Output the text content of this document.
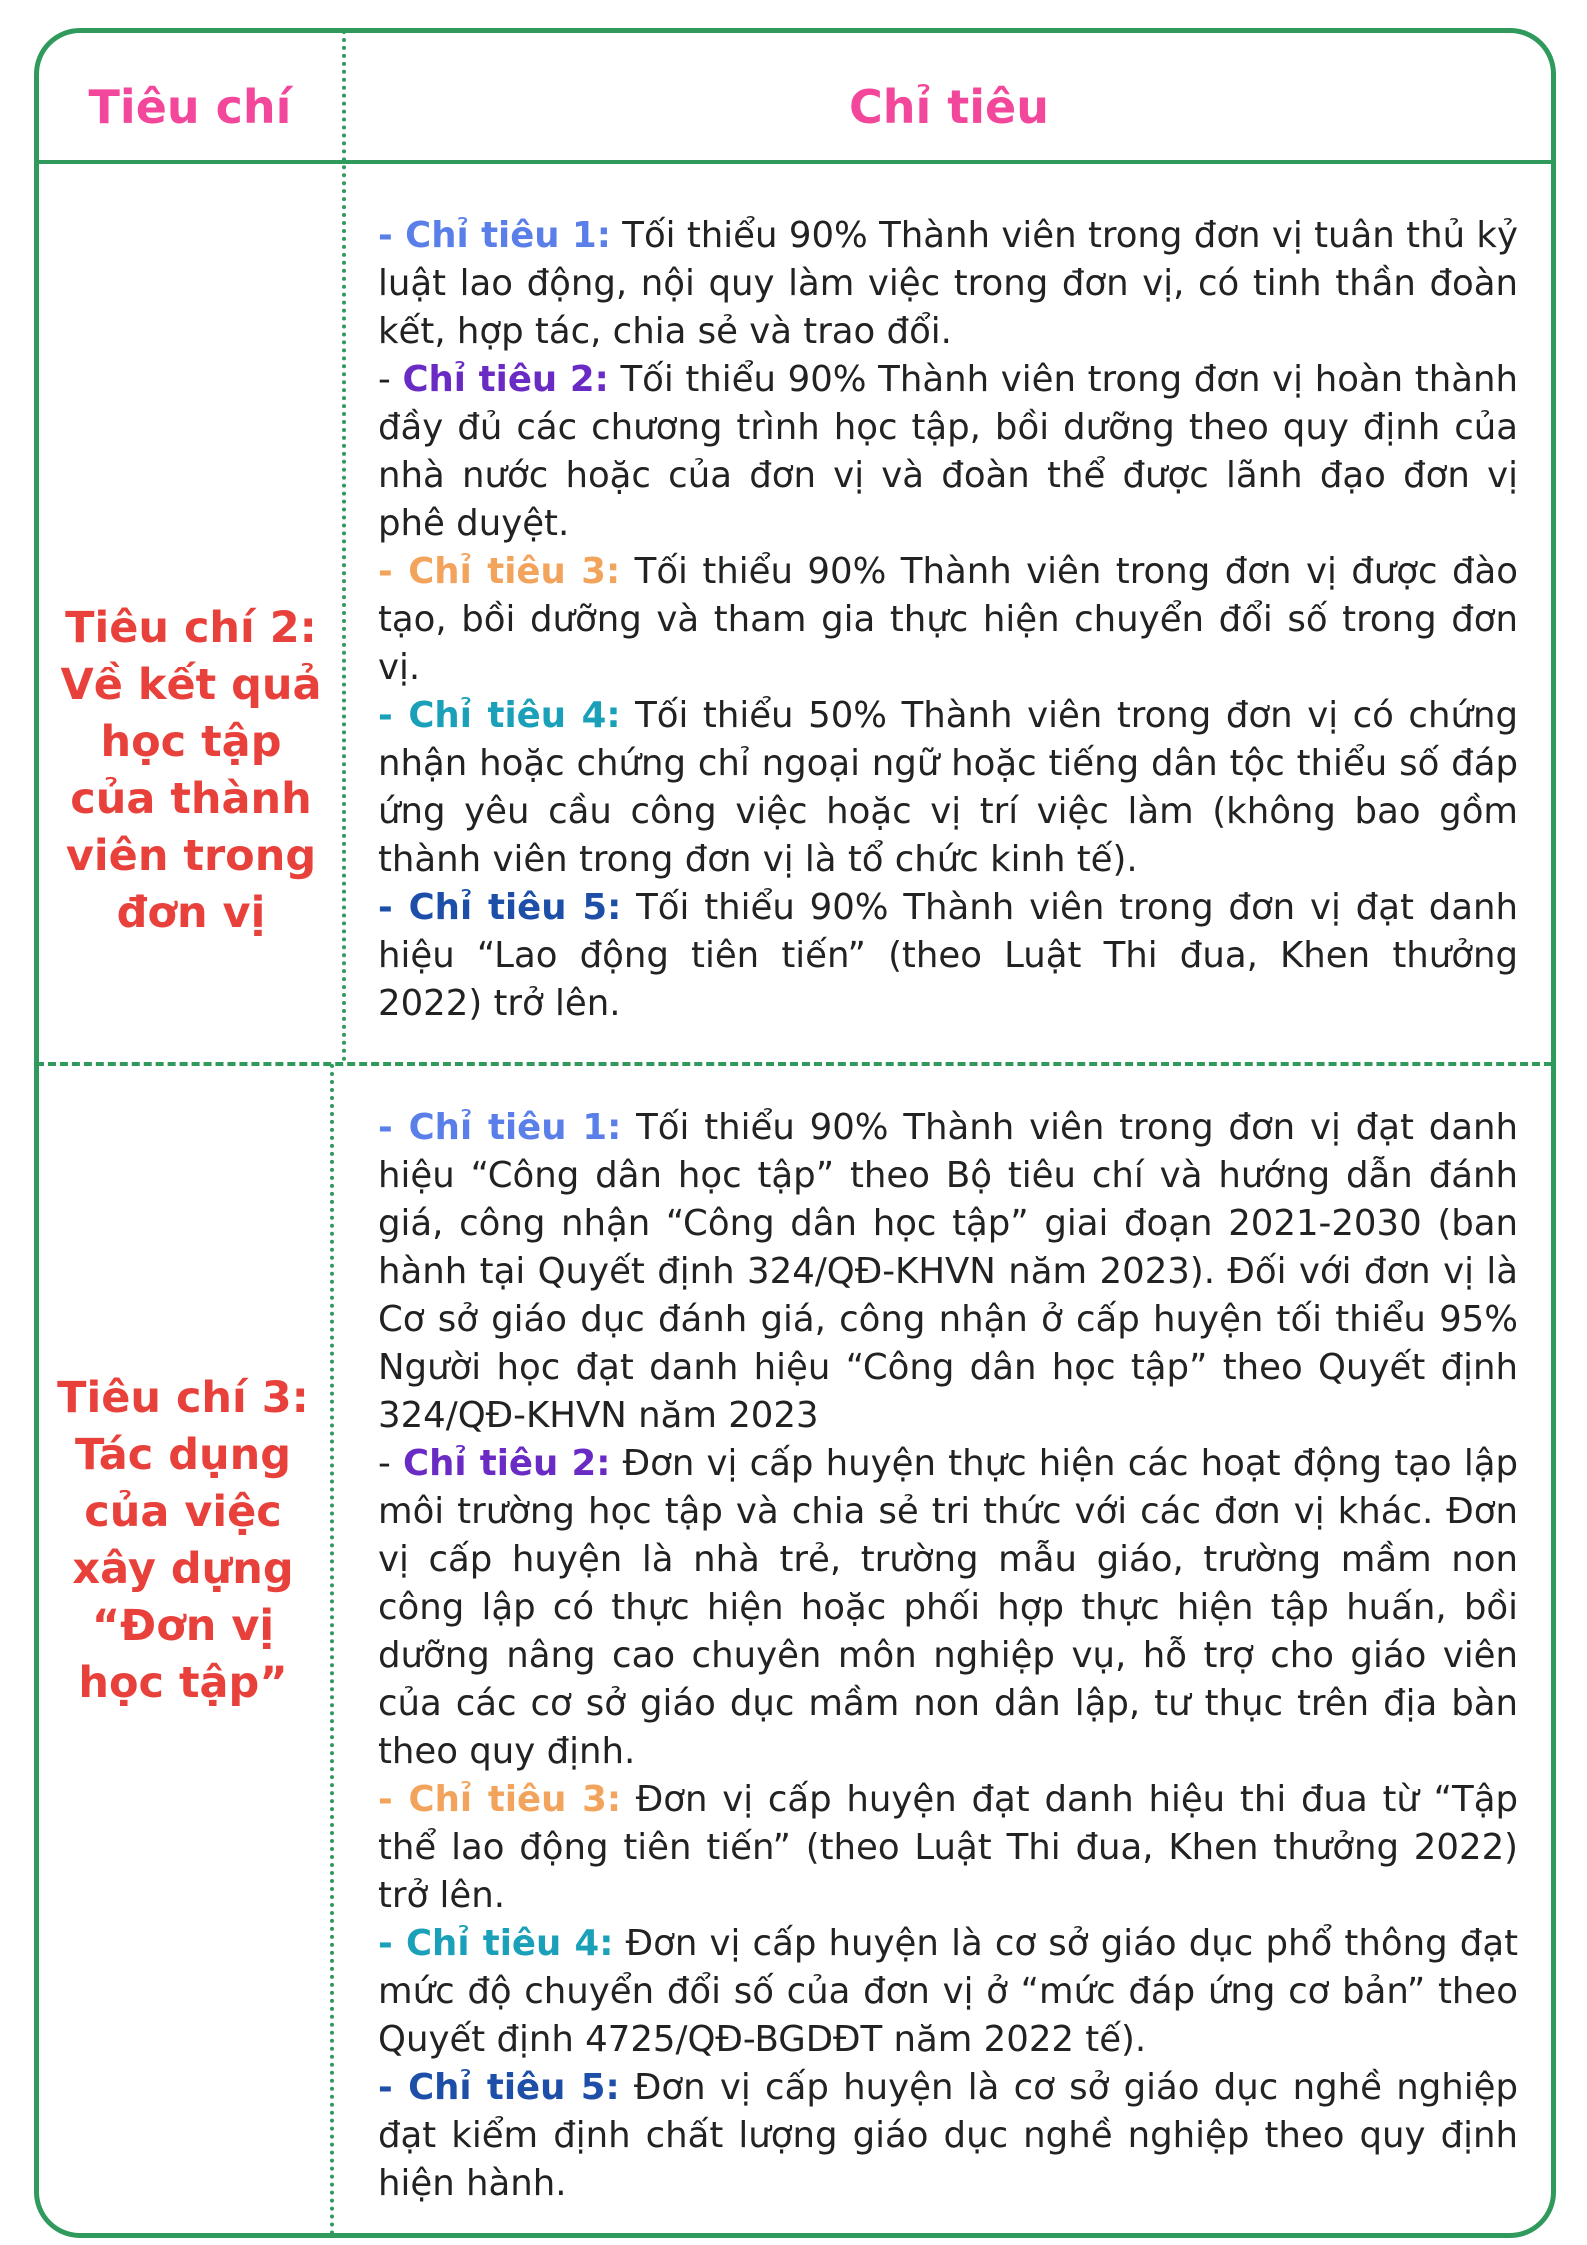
Tiêu chí	Chỉ tiêu
Tiêu chí 2:
Về kết quả
học tập
của thành
viên trong
đơn vị

- Chỉ tiêu 1: Tối thiểu 90% Thành viên trong đơn vị tuân thủ kỷ luật lao động, nội quy làm việc trong đơn vị, có tinh thần đoàn kết, hợp tác, chia sẻ và trao đổi.

- Chỉ tiêu 2: Tối thiểu 90% Thành viên trong đơn vị hoàn thành đầy đủ các chương trình học tập, bồi dưỡng theo quy định của nhà nước hoặc của đơn vị và đoàn thể được lãnh đạo đơn vị phê duyệt.

- Chỉ tiêu 3: Tối thiểu 90% Thành viên trong đơn vị được đào tạo, bồi dưỡng và tham gia thực hiện chuyển đổi số trong đơn vị.

- Chỉ tiêu 4: Tối thiểu 50% Thành viên trong đơn vị có chứng nhận hoặc chứng chỉ ngoại ngữ hoặc tiếng dân tộc thiểu số đáp ứng yêu cầu công việc hoặc vị trí việc làm (không bao gồm thành viên trong đơn vị là tổ chức kinh tế).

- Chỉ tiêu 5: Tối thiểu 90% Thành viên trong đơn vị đạt danh hiệu “Lao động tiên tiến” (theo Luật Thi đua, Khen thưởng 2022) trở lên.

Tiêu chí 3:
Tác dụng
của việc
xây dựng
“Đơn vị
học tập”

- Chỉ tiêu 1: Tối thiểu 90% Thành viên trong đơn vị đạt danh hiệu “Công dân học tập” theo Bộ tiêu chí và hướng dẫn đánh giá, công nhận “Công dân học tập” giai đoạn 2021-2030 (ban hành tại Quyết định 324/QĐ-KHVN năm 2023). Đối với đơn vị là Cơ sở giáo dục đánh giá, công nhận ở cấp huyện tối thiểu 95% Người học đạt danh hiệu “Công dân học tập” theo Quyết định 324/QĐ-KHVN năm 2023

- Chỉ tiêu 2: Đơn vị cấp huyện thực hiện các hoạt động tạo lập môi trường học tập và chia sẻ tri thức với các đơn vị khác. Đơn vị cấp huyện là nhà trẻ, trường mẫu giáo, trường mầm non công lập có thực hiện hoặc phối hợp thực hiện tập huấn, bồi dưỡng nâng cao chuyên môn nghiệp vụ, hỗ trợ cho giáo viên của các cơ sở giáo dục mầm non dân lập, tư thục trên địa bàn theo quy định.

- Chỉ tiêu 3: Đơn vị cấp huyện đạt danh hiệu thi đua từ “Tập thể lao động tiên tiến” (theo Luật Thi đua, Khen thưởng 2022) trở lên.

- Chỉ tiêu 4: Đơn vị cấp huyện là cơ sở giáo dục phổ thông đạt mức độ chuyển đổi số của đơn vị ở “mức đáp ứng cơ bản” theo Quyết định 4725/QĐ-BGDĐT năm 2022 tế).

- Chỉ tiêu 5: Đơn vị cấp huyện là cơ sở giáo dục nghề nghiệp đạt kiểm định chất lượng giáo dục nghề nghiệp theo quy định hiện hành.
